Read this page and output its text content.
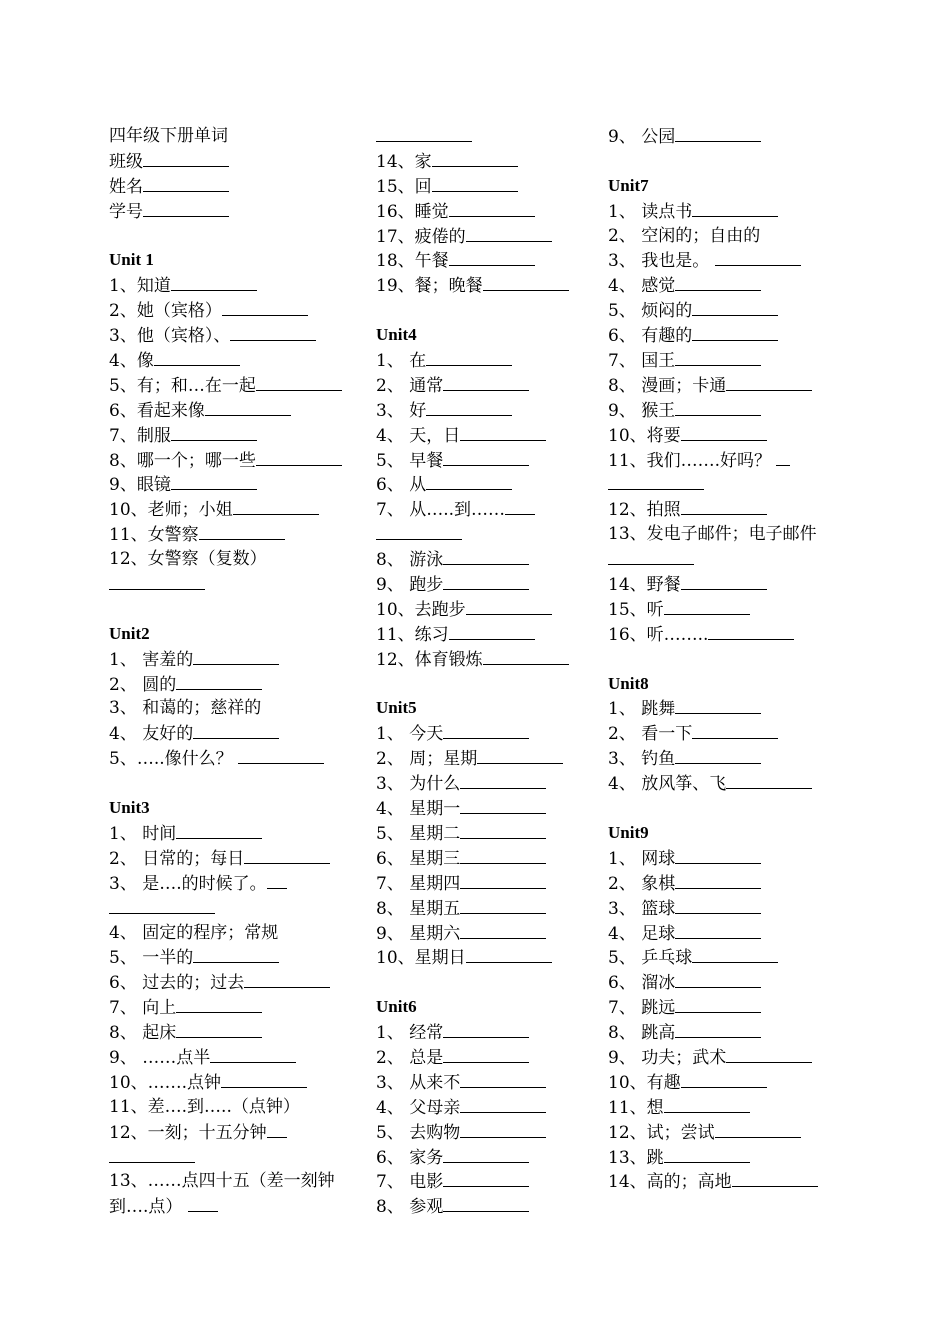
四年级下册单词
班级
姓名
学号
Unit 1
1、知道
2、她（宾格）
3、他（宾格）、
4、像
5、有；和…在一起
6、看起来像
7、制服
8、哪一个；哪一些
9、眼镜
10、老师；小姐
11、女警察
12、女警察（复数）
Unit2
1、 害羞的
2、 圆的
3、 和蔼的；慈祥的
4、 友好的
5、…..像什么？
Unit3
1、 时间
2、 日常的；每日
3、 是….的时候了。
4、 固定的程序；常规
5、 一半的
6、 过去的；过去
7、 向上
8、 起床
9、 ……点半
10、…….点钟
11、差….到…..（点钟）
12、一刻；十五分钟
13、……点四十五（差一刻钟
到….点）
14、家
15、回
16、睡觉
17、疲倦的
18、午餐
19、餐；晚餐
Unit4
1、 在
2、 通常
3、 好
4、 天，日
5、 早餐
6、 从
7、 从…..到……
8、 游泳
9、 跑步
10、去跑步
11、练习
12、体育锻炼
Unit5
1、 今天
2、 周；星期
3、 为什么
4、 星期一
5、 星期二
6、 星期三
7、 星期四
8、 星期五
9、 星期六
10、星期日
Unit6
1、 经常
2、 总是
3、 从来不
4、 父母亲
5、 去购物
6、 家务
7、 电影
8、 参观
9、 公园
Unit7
1、 读点书
2、 空闲的；自由的
3、 我也是。
4、 感觉
5、 烦闷的
6、 有趣的
7、 国王
8、 漫画；卡通
9、 猴王
10、将要
11、我们…….好吗？
12、拍照
13、发电子邮件；电子邮件
14、野餐
15、听
16、听……..
Unit8
1、 跳舞
2、 看一下
3、 钓鱼
4、 放风筝、飞
Unit9
1、 网球
2、 象棋
3、 篮球
4、 足球
5、 乒乓球
6、 溜冰
7、 跳远
8、 跳高
9、 功夫；武术
10、有趣
11、想
12、试；尝试
13、跳
14、高的；高地
